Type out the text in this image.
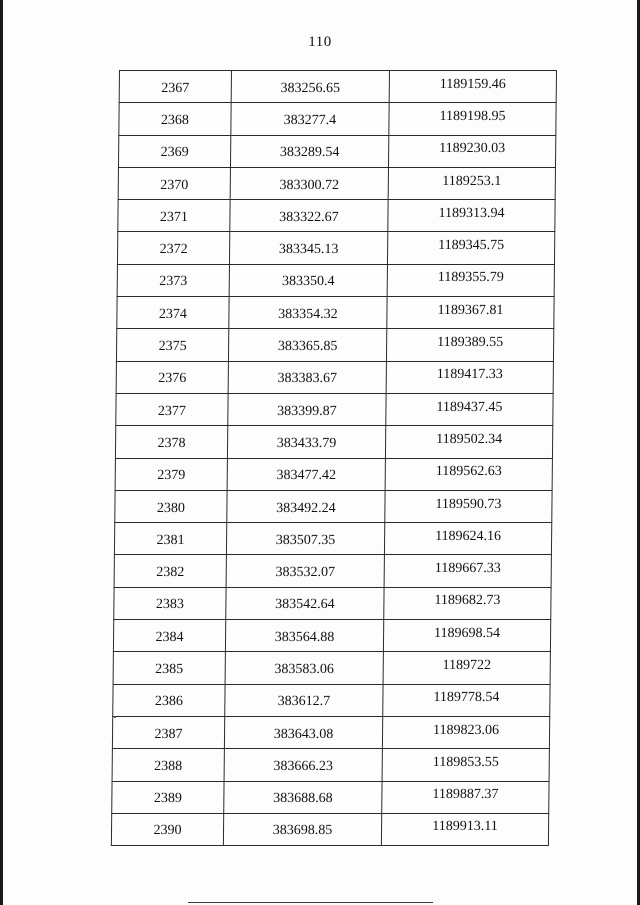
110
2367	383256.65	1189159.46
2368	383277.4	1189198.95
2369	383289.54	1189230.03
2370	383300.72	1189253.1
2371	383322.67	1189313.94
2372	383345.13	1189345.75
2373	383350.4	1189355.79
2374	383354.32	1189367.81
2375	383365.85	1189389.55
2376	383383.67	1189417.33
2377	383399.87	1189437.45
2378	383433.79	1189502.34
2379	383477.42	1189562.63
2380	383492.24	1189590.73
2381	383507.35	1189624.16
2382	383532.07	1189667.33
2383	383542.64	1189682.73
2384	383564.88	1189698.54
2385	383583.06	1189722
2386	383612.7	1189778.54
2387	383643.08	1189823.06
2388	383666.23	1189853.55
2389	383688.68	1189887.37
2390	383698.85	1189913.11
